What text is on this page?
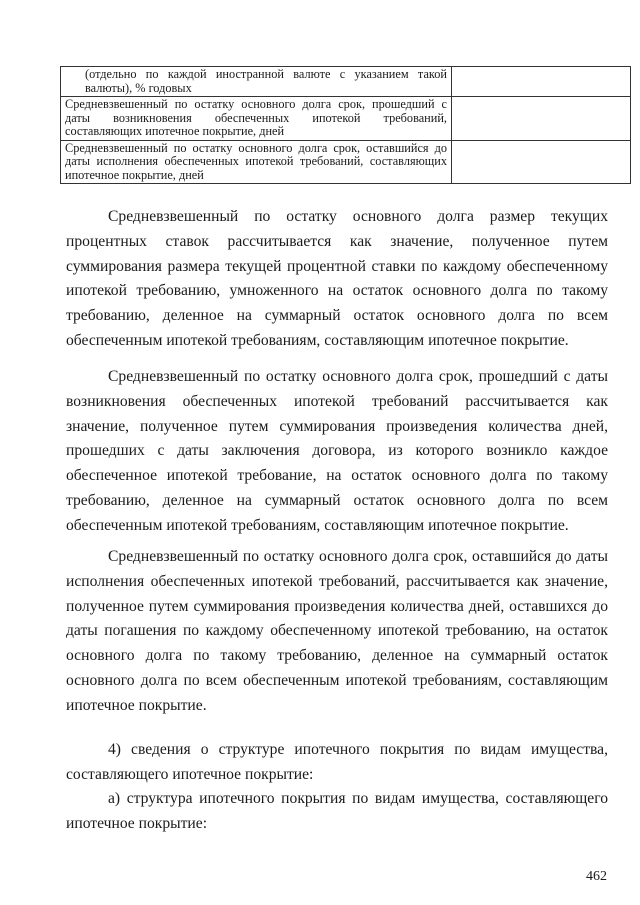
(отдельно по каждой иностранной валюте с указанием такой валюты), % годовых	
Средневзвешенный по остатку основного долга срок, прошедший с даты возникновения обеспеченных ипотекой требований, составляющих ипотечное покрытие, дней	
Средневзвешенный по остатку основного долга срок, оставшийся до даты исполнения обеспеченных ипотекой требований, составляющих ипотечное покрытие, дней	

Средневзвешенный по остатку основного долга размер текущих процентных ставок рассчитывается как значение, полученное путем суммирования размера текущей процентной ставки по каждому обеспеченному ипотекой требованию, умноженного на остаток основного долга по такому требованию, деленное на суммарный остаток основного долга по всем обеспеченным ипотекой требованиям, составляющим ипотечное покрытие.

Средневзвешенный по остатку основного долга срок, прошедший с даты возникновения обеспеченных ипотекой требований рассчитывается как значение, полученное путем суммирования произведения количества дней, прошедших с даты заключения договора, из которого возникло каждое обеспеченное ипотекой требование, на остаток основного долга по такому требованию, деленное на суммарный остаток основного долга по всем обеспеченным ипотекой требованиям, составляющим ипотечное покрытие.

Средневзвешенный по остатку основного долга срок, оставшийся до даты исполнения обеспеченных ипотекой требований, рассчитывается как значение, полученное путем суммирования произведения количества дней, оставшихся до даты погашения по каждому обеспеченному ипотекой требованию, на остаток основного долга по такому требованию, деленное на суммарный остаток основного долга по всем обеспеченным ипотекой требованиям, составляющим ипотечное покрытие.

4) сведения о структуре ипотечного покрытия по видам имущества, составляющего ипотечное покрытие:

а) структура ипотечного покрытия по видам имущества, составляющего ипотечное покрытие:

462
